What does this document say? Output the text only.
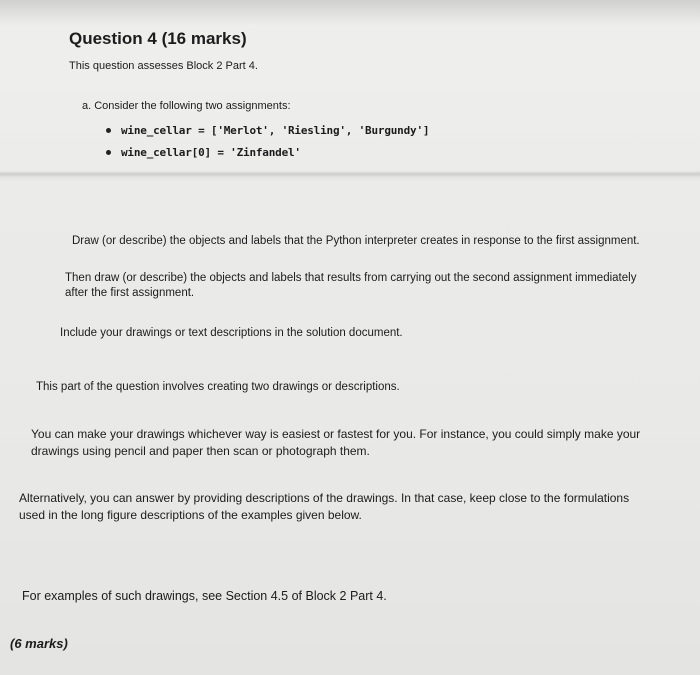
Question 4 (16 marks)
This question assesses Block 2 Part 4.
a. Consider the following two assignments:
wine_cellar = ['Merlot', 'Riesling', 'Burgundy']
wine_cellar[0] = 'Zinfandel'
Draw (or describe) the objects and labels that the Python interpreter creates in response to the first assignment.
Then draw (or describe) the objects and labels that results from carrying out the second assignment immediately
after the first assignment.
Include your drawings or text descriptions in the solution document.
This part of the question involves creating two drawings or descriptions.
You can make your drawings whichever way is easiest or fastest for you. For instance, you could simply make your
drawings using pencil and paper then scan or photograph them.
Alternatively, you can answer by providing descriptions of the drawings. In that case, keep close to the formulations
used in the long figure descriptions of the examples given below.
For examples of such drawings, see Section 4.5 of Block 2 Part 4.
(6 marks)
